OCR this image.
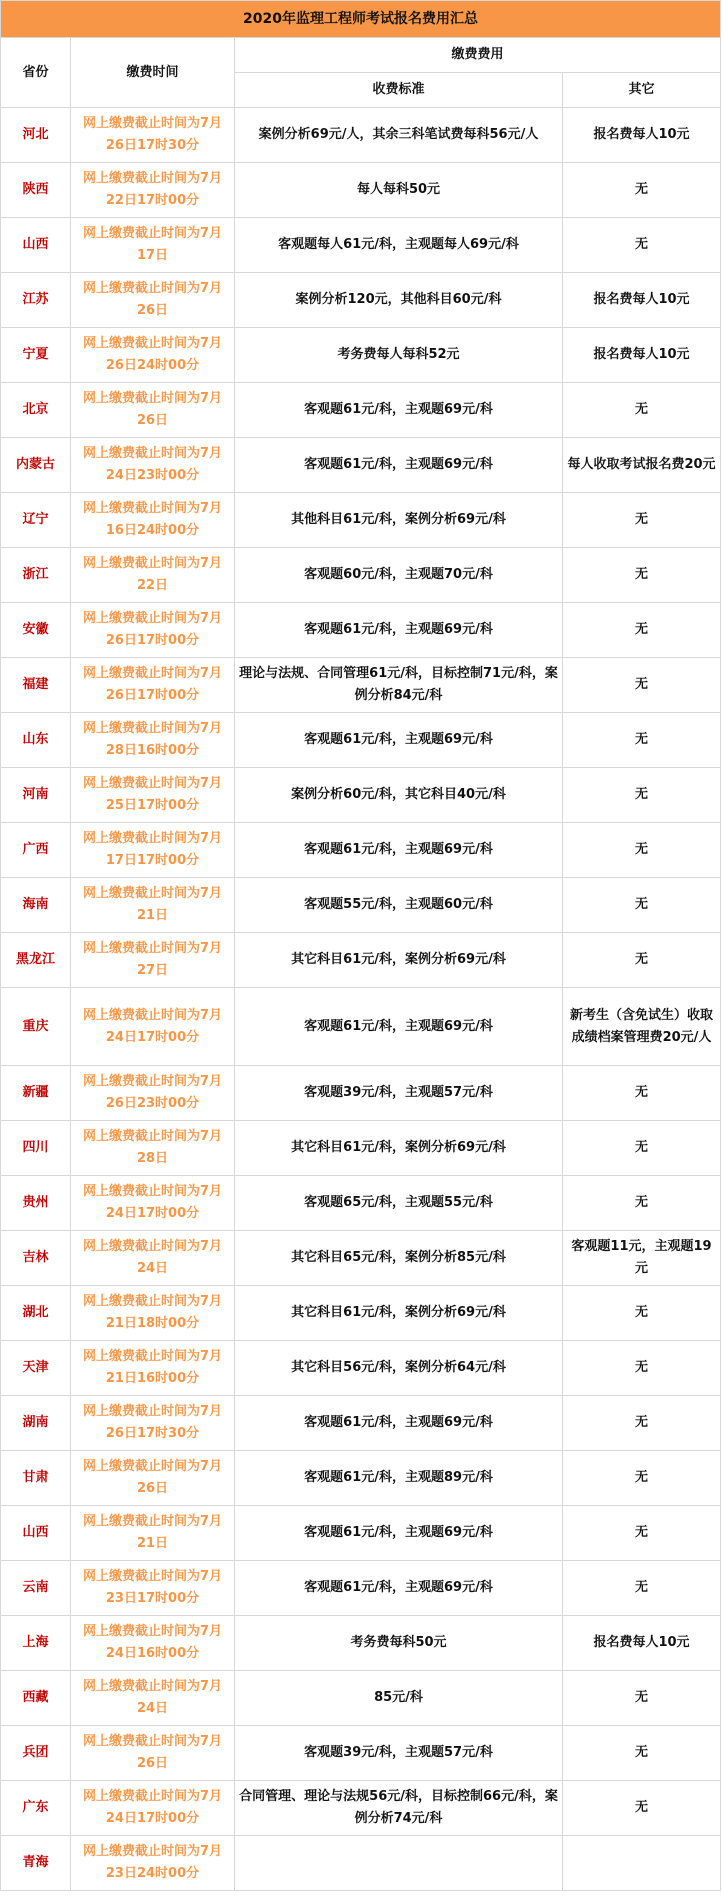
2020年监理工程师考试报名费用汇总			
省份	缴费时间	缴费费用	
		收费标准	其它
河北	网上缴费截止时间为7月26日17时30分	案例分析69元/人，其余三科笔试费每科56元/人	报名费每人10元
陕西	网上缴费截止时间为7月22日17时00分	每人每科50元	无
山西	网上缴费截止时间为7月17日	客观题每人61元/科，主观题每人69元/科	无
江苏	网上缴费截止时间为7月26日	案例分析120元，其他科目60元/科	报名费每人10元
宁夏	网上缴费截止时间为7月26日24时00分	考务费每人每科52元	报名费每人10元
北京	网上缴费截止时间为7月26日	客观题61元/科，主观题69元/科	无
内蒙古	网上缴费截止时间为7月24日23时00分	客观题61元/科，主观题69元/科	每人收取考试报名费20元
辽宁	网上缴费截止时间为7月16日24时00分	其他科目61元/科，案例分析69元/科	无
浙江	网上缴费截止时间为7月22日	客观题60元/科，主观题70元/科	无
安徽	网上缴费截止时间为7月26日17时00分	客观题61元/科，主观题69元/科	无
福建	网上缴费截止时间为7月26日17时00分	理论与法规、合同管理61元/科，目标控制71元/科，案例分析84元/科	无
山东	网上缴费截止时间为7月28日16时00分	客观题61元/科，主观题69元/科	无
河南	网上缴费截止时间为7月25日17时00分	案例分析60元/科，其它科目40元/科	无
广西	网上缴费截止时间为7月17日17时00分	客观题61元/科，主观题69元/科	无
海南	网上缴费截止时间为7月21日	客观题55元/科，主观题60元/科	无
黑龙江	网上缴费截止时间为7月27日	其它科目61元/科，案例分析69元/科	无
重庆	网上缴费截止时间为7月24日17时00分	客观题61元/科，主观题69元/科	新考生（含免试生）收取成绩档案管理费20元/人
新疆	网上缴费截止时间为7月26日23时00分	客观题39元/科，主观题57元/科	无
四川	网上缴费截止时间为7月28日	其它科目61元/科，案例分析69元/科	无
贵州	网上缴费截止时间为7月24日17时00分	客观题65元/科，主观题55元/科	无
吉林	网上缴费截止时间为7月24日	其它科目65元/科，案例分析85元/科	客观题11元，主观题19元
湖北	网上缴费截止时间为7月21日18时00分	其它科目61元/科，案例分析69元/科	无
天津	网上缴费截止时间为7月21日16时00分	其它科目56元/科，案例分析64元/科	无
湖南	网上缴费截止时间为7月26日17时30分	客观题61元/科，主观题69元/科	无
甘肃	网上缴费截止时间为7月26日	客观题61元/科，主观题89元/科	无
山西	网上缴费截止时间为7月21日	客观题61元/科，主观题69元/科	无
云南	网上缴费截止时间为7月23日17时00分	客观题61元/科，主观题69元/科	无
上海	网上缴费截止时间为7月24日16时00分	考务费每科50元	报名费每人10元
西藏	网上缴费截止时间为7月24日	85元/科	无
兵团	网上缴费截止时间为7月26日	客观题39元/科，主观题57元/科	无
广东	网上缴费截止时间为7月24日17时00分	合同管理、理论与法规56元/科，目标控制66元/科，案例分析74元/科	无
青海	网上缴费截止时间为7月23日24时00分		
